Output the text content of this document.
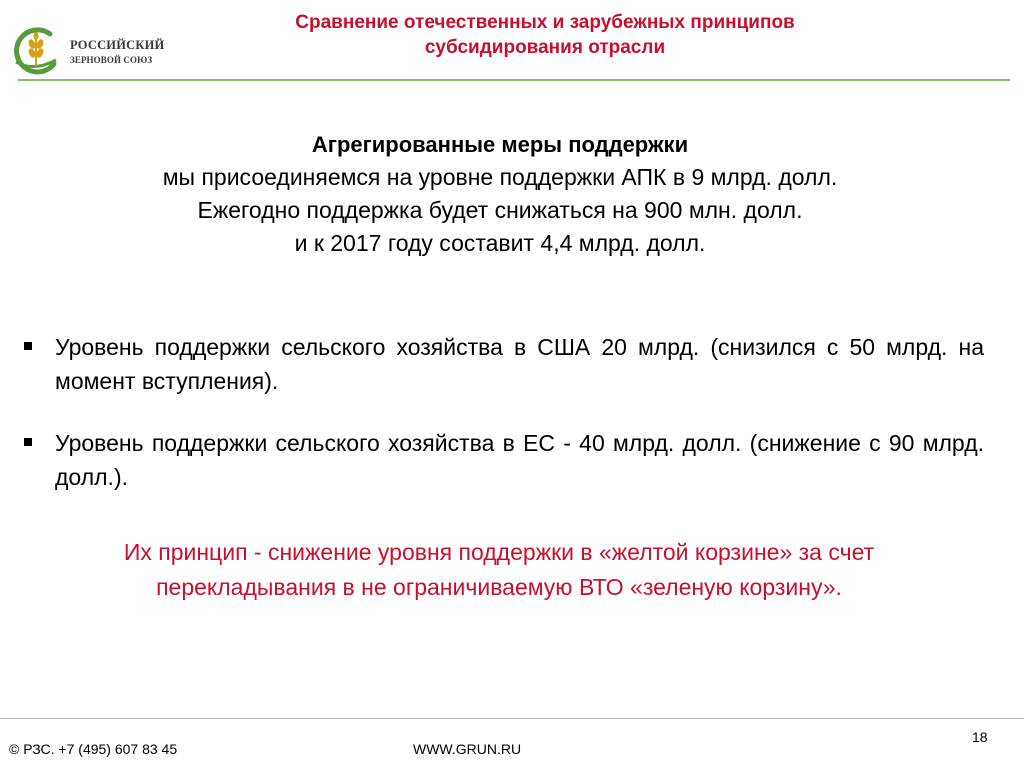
РОССИЙСКИЙ
ЗЕРНОВОЙ СОЮЗ
Сравнение отечественных и зарубежных принципов
субсидирования отрасли
Агрегированные меры поддержки
мы присоединяемся на уровне поддержки АПК в 9 млрд. долл.
Ежегодно поддержка будет снижаться на 900 млн. долл.
и к 2017 году составит 4,4 млрд. долл.
Уровень поддержки сельского хозяйства в США 20 млрд. (снизился с 50 млрд. на момент вступления).
Уровень поддержки сельского хозяйства в ЕС - 40 млрд. долл. (снижение с 90 млрд. долл.).
Их принцип - снижение уровня поддержки в «желтой корзине» за счет
перекладывания в не ограничиваемую ВТО «зеленую корзину».
© РЗС. +7 (495) 607 83 45	WWW.GRUN.RU
18
